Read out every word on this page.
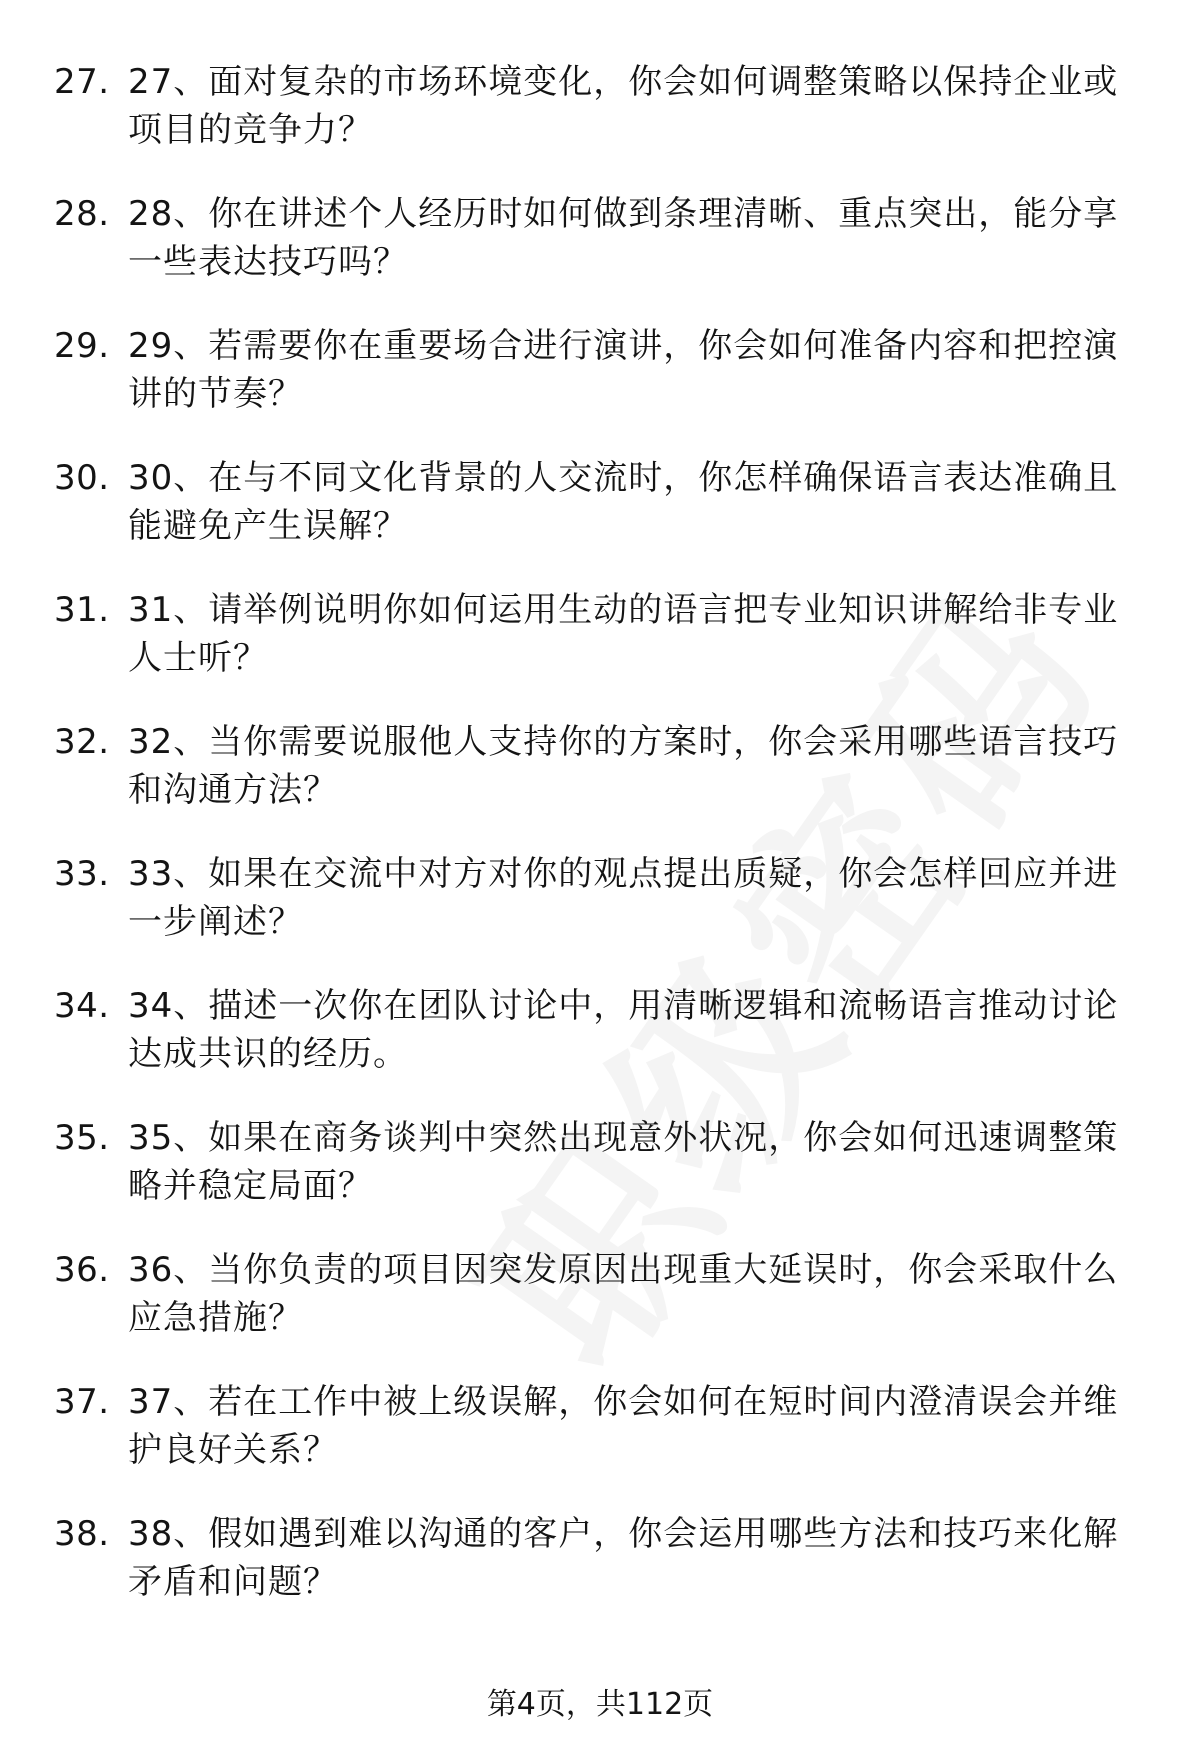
27. 27、面对复杂的市场环境变化，你会如何调整策略以保持企业或项目的竞争力？
28. 28、你在讲述个人经历时如何做到条理清晰、重点突出，能分享一些表达技巧吗？
29. 29、若需要你在重要场合进行演讲，你会如何准备内容和把控演讲的节奏？
30. 30、在与不同文化背景的人交流时，你怎样确保语言表达准确且能避免产生误解？
31. 31、请举例说明你如何运用生动的语言把专业知识讲解给非专业人士听？
32. 32、当你需要说服他人支持你的方案时，你会采用哪些语言技巧和沟通方法？
33. 33、如果在交流中对方对你的观点提出质疑，你会怎样回应并进一步阐述？
34. 34、描述一次你在团队讨论中，用清晰逻辑和流畅语言推动讨论达成共识的经历。
35. 35、如果在商务谈判中突然出现意外状况，你会如何迅速调整策略并稳定局面？
36. 36、当你负责的项目因突发原因出现重大延误时，你会采取什么应急措施？
37. 37、若在工作中被上级误解，你会如何在短时间内澄清误会并维护良好关系？
38. 38、假如遇到难以沟通的客户，你会运用哪些方法和技巧来化解矛盾和问题？
第4页，共112页
